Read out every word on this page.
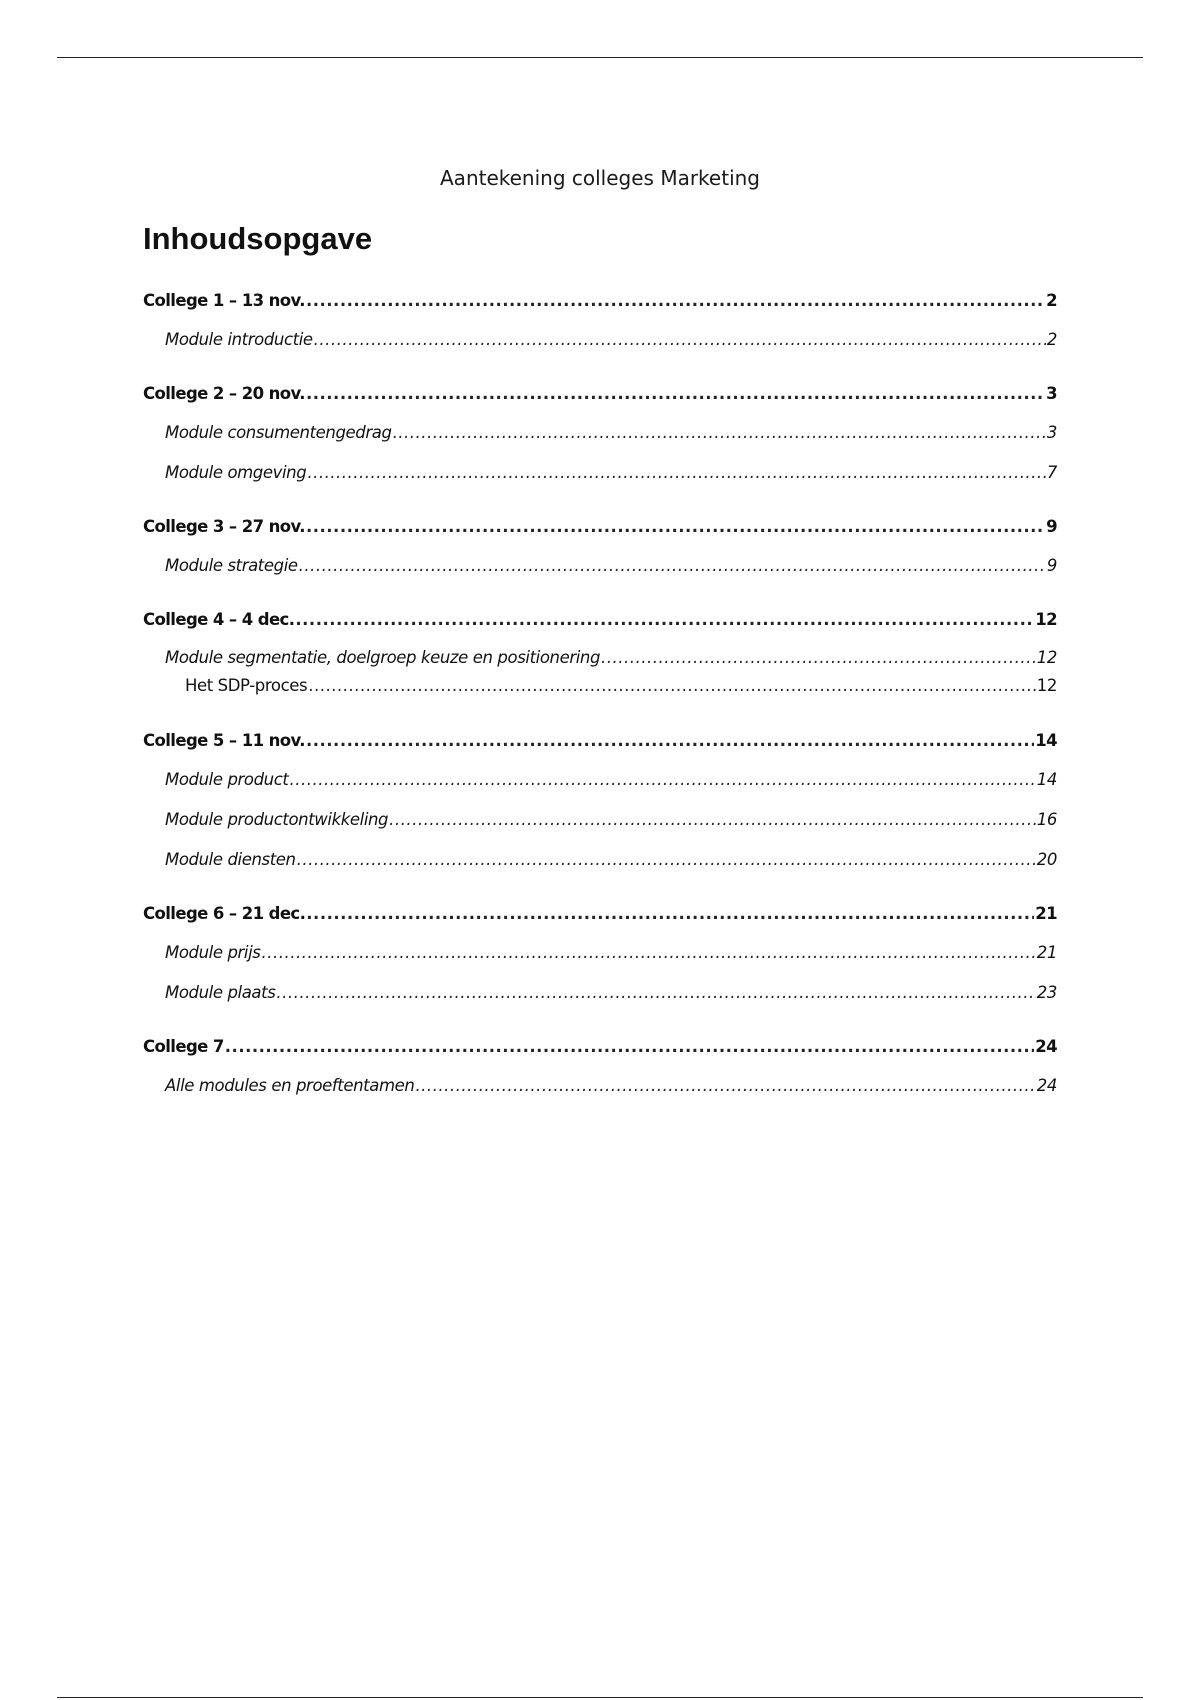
Aantekening colleges Marketing
Inhoudsopgave
College 1 – 13 nov. .....	2
Module introductie .....	2
College 2 – 20 nov. .....	3
Module consumentengedrag .....	3
Module omgeving .....	7
College 3 – 27 nov. .....	9
Module strategie .....	9
College 4 – 4 dec. .....	12
Module segmentatie, doelgroep keuze en positionering .....	12
Het SDP-proces .....	12
College 5 – 11 nov. .....	14
Module product .....	14
Module productontwikkeling .....	16
Module diensten .....	20
College 6 – 21 dec. .....	21
Module prijs .....	21
Module plaats .....	23
College 7 .....	24
Alle modules en proeftentamen .....	24
